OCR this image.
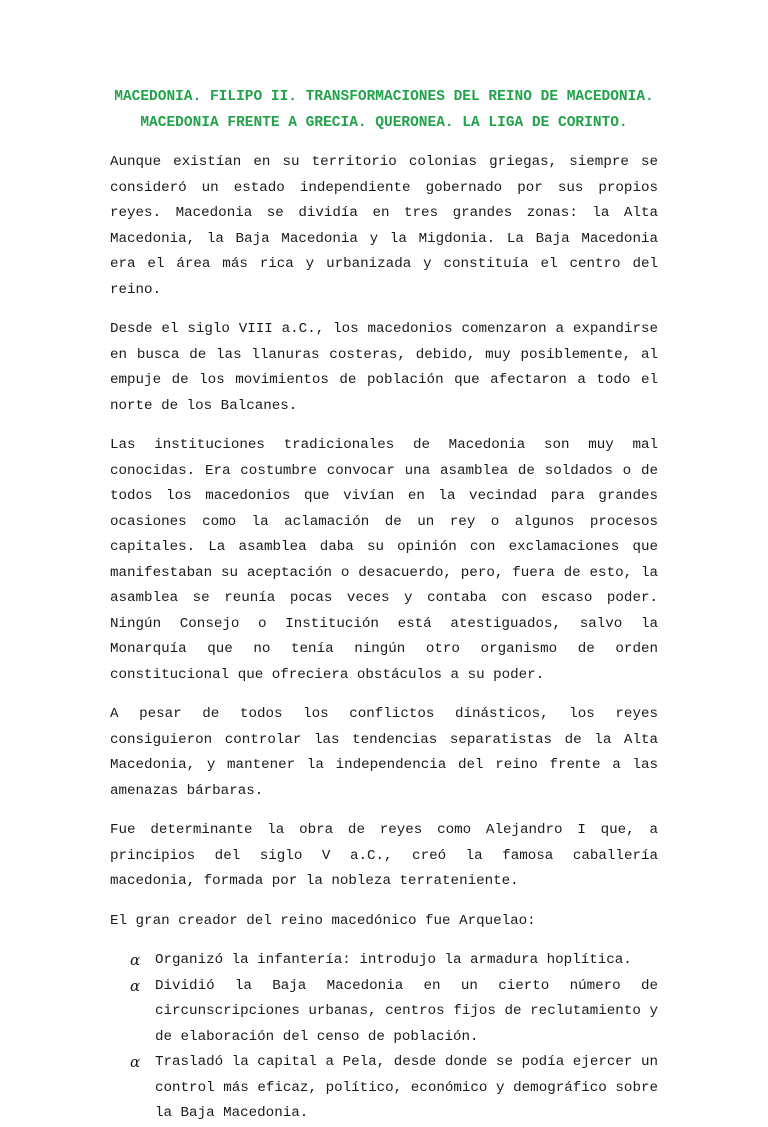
MACEDONIA. FILIPO II. TRANSFORMACIONES DEL REINO DE MACEDONIA.
MACEDONIA FRENTE A GRECIA. QUERONEA. LA LIGA DE CORINTO.

Aunque existían en su territorio colonias griegas, siempre se consideró un estado independiente gobernado por sus propios reyes. Macedonia se dividía en tres grandes zonas: la Alta Macedonia, la Baja Macedonia y la Migdonia. La Baja Macedonia era el área más rica y urbanizada y constituía el centro del reino.

Desde el siglo VIII a.C., los macedonios comenzaron a expandirse en busca de las llanuras costeras, debido, muy posiblemente, al empuje de los movimientos de población que afectaron a todo el norte de los Balcanes.

Las instituciones tradicionales de Macedonia son muy mal conocidas. Era costumbre convocar una asamblea de soldados o de todos los macedonios que vivían en la vecindad para grandes ocasiones como la aclamación de un rey o algunos procesos capitales. La asamblea daba su opinión con exclamaciones que manifestaban su aceptación o desacuerdo, pero, fuera de esto, la asamblea se reunía pocas veces y contaba con escaso poder. Ningún Consejo o Institución está atestiguados, salvo la Monarquía que no tenía ningún otro organismo de orden constitucional que ofreciera obstáculos a su poder.

A pesar de todos los conflictos dinásticos, los reyes consiguieron controlar las tendencias separatistas de la Alta Macedonia, y mantener la independencia del reino frente a las amenazas bárbaras.

Fue determinante la obra de reyes como Alejandro I que, a principios del siglo V a.C., creó la famosa caballería macedonia, formada por la nobleza terrateniente.

El gran creador del reino macedónico fue Arquelao:

α Organizó la infantería: introdujo la armadura hoplítica.
α Dividió la Baja Macedonia en un cierto número de circunscripciones urbanas, centros fijos de reclutamiento y de elaboración del censo de población.
α Trasladó la capital a Pela, desde donde se podía ejercer un control más eficaz, político, económico y demográfico sobre la Baja Macedonia.
